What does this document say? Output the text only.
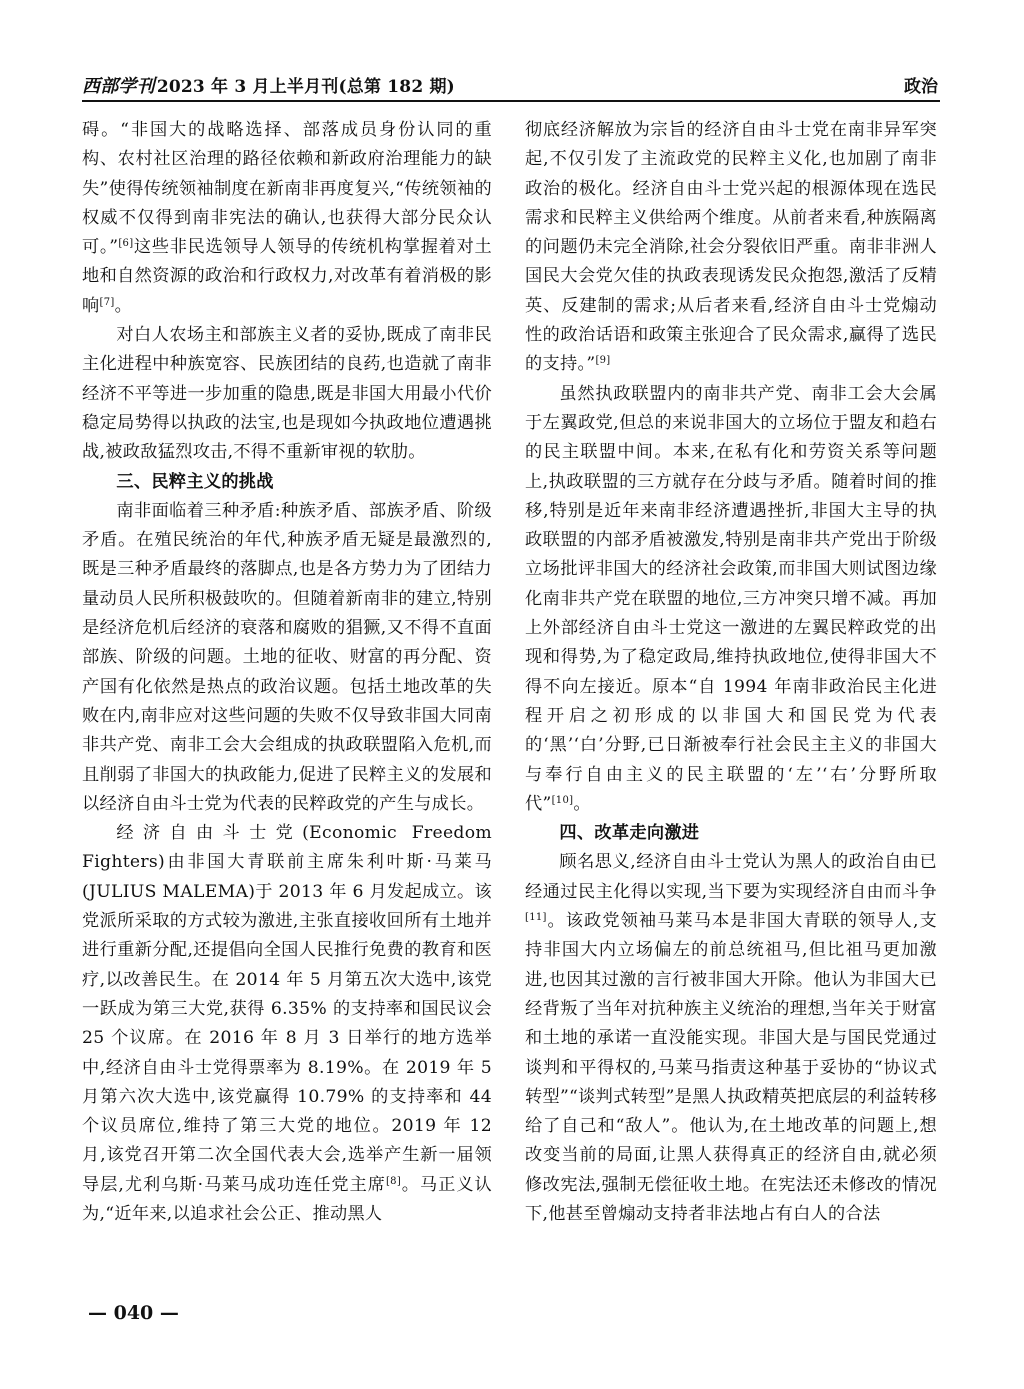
西部学刊 2023 年 3 月上半月刊(总第 182 期)	政治

碍。“非国大的战略选择、部落成员身份认同的重构、农村社区治理的路径依赖和新政府治理能力的缺失”使得传统领袖制度在新南非再度复兴,“传统领袖的权威不仅得到南非宪法的确认,也获得大部分民众认可。”[6]这些非民选领导人领导的传统机构掌握着对土地和自然资源的政治和行政权力,对改革有着消极的影响[7]。

对白人农场主和部族主义者的妥协,既成了南非民主化进程中种族宽容、民族团结的良药,也造就了南非经济不平等进一步加重的隐患,既是非国大用最小代价稳定局势得以执政的法宝,也是现如今执政地位遭遇挑战,被政敌猛烈攻击,不得不重新审视的软肋。

三、民粹主义的挑战

南非面临着三种矛盾:种族矛盾、部族矛盾、阶级矛盾。在殖民统治的年代,种族矛盾无疑是最激烈的,既是三种矛盾最终的落脚点,也是各方势力为了团结力量动员人民所积极鼓吹的。但随着新南非的建立,特别是经济危机后经济的衰落和腐败的猖獗,又不得不直面部族、阶级的问题。土地的征收、财富的再分配、资产国有化依然是热点的政治议题。包括土地改革的失败在内,南非应对这些问题的失败不仅导致非国大同南非共产党、南非工会大会组成的执政联盟陷入危机,而且削弱了非国大的执政能力,促进了民粹主义的发展和以经济自由斗士党为代表的民粹政党的产生与成长。

经济自由斗士党(Economic Freedom Fighters)由非国大青联前主席朱利叶斯·马莱马(JULIUS MALEMA)于 2013 年 6 月发起成立。该党派所采取的方式较为激进,主张直接收回所有土地并进行重新分配,还提倡向全国人民推行免费的教育和医疗,以改善民生。在 2014 年 5 月第五次大选中,该党一跃成为第三大党,获得 6.35% 的支持率和国民议会 25 个议席。在 2016 年 8 月 3 日举行的地方选举中,经济自由斗士党得票率为 8.19%。在 2019 年 5 月第六次大选中,该党赢得 10.79% 的支持率和 44 个议员席位,维持了第三大党的地位。2019 年 12 月,该党召开第二次全国代表大会,选举产生新一届领导层,尤利乌斯·马莱马成功连任党主席[8]。马正义认为,“近年来,以追求社会公正、推动黑人

彻底经济解放为宗旨的经济自由斗士党在南非异军突起,不仅引发了主流政党的民粹主义化,也加剧了南非政治的极化。经济自由斗士党兴起的根源体现在选民需求和民粹主义供给两个维度。从前者来看,种族隔离的问题仍未完全消除,社会分裂依旧严重。南非非洲人国民大会党欠佳的执政表现诱发民众抱怨,激活了反精英、反建制的需求;从后者来看,经济自由斗士党煽动性的政治话语和政策主张迎合了民众需求,赢得了选民的支持。”[9]

虽然执政联盟内的南非共产党、南非工会大会属于左翼政党,但总的来说非国大的立场位于盟友和趋右的民主联盟中间。本来,在私有化和劳资关系等问题上,执政联盟的三方就存在分歧与矛盾。随着时间的推移,特别是近年来南非经济遭遇挫折,非国大主导的执政联盟的内部矛盾被激发,特别是南非共产党出于阶级立场批评非国大的经济社会政策,而非国大则试图边缘化南非共产党在联盟的地位,三方冲突只增不减。再加上外部经济自由斗士党这一激进的左翼民粹政党的出现和得势,为了稳定政局,维持执政地位,使得非国大不得不向左接近。原本“自 1994 年南非政治民主化进程开启之初形成的以非国大和国民党为代表的‘黑’‘白’分野,已日渐被奉行社会民主主义的非国大与奉行自由主义的民主联盟的‘左’‘右’分野所取代”[10]。

四、改革走向激进

顾名思义,经济自由斗士党认为黑人的政治自由已经通过民主化得以实现,当下要为实现经济自由而斗争[11]。该政党领袖马莱马本是非国大青联的领导人,支持非国大内立场偏左的前总统祖马,但比祖马更加激进,也因其过激的言行被非国大开除。他认为非国大已经背叛了当年对抗种族主义统治的理想,当年关于财富和土地的承诺一直没能实现。非国大是与国民党通过谈判和平得权的,马莱马指责这种基于妥协的“协议式转型”“谈判式转型”是黑人执政精英把底层的利益转移给了自己和“敌人”。他认为,在土地改革的问题上,想改变当前的局面,让黑人获得真正的经济自由,就必须修改宪法,强制无偿征收土地。在宪法还未修改的情况下,他甚至曾煽动支持者非法地占有白人的合法

— 040 —
